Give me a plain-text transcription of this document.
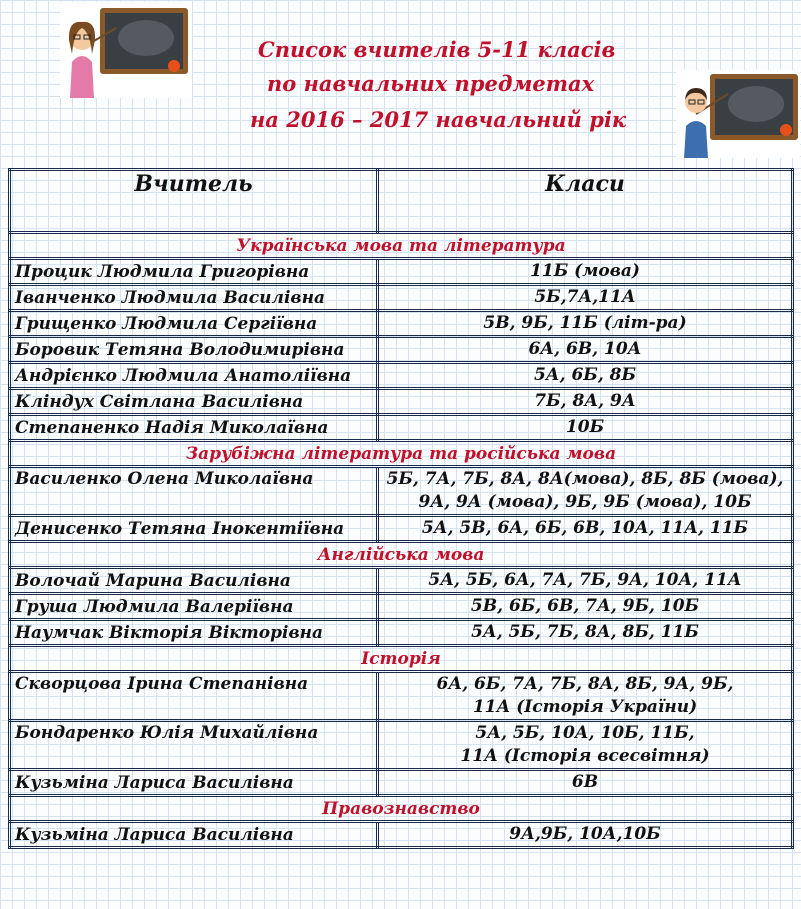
Список вчителів 5-11 класів
по навчальних предметах
на 2016 – 2017 навчальний рік
Вчитель	Класи
Українська мова та література	
Процик Людмила Григорівна	11Б (мова)

Іванченко Людмила Василівна	5Б,7А,11А

Грищенко Людмила Сергіївна	5В, 9Б, 11Б (літ-ра)

Боровик Тетяна Володимирівна	6А, 6В, 10А

Андрієнко Людмила Анатоліївна	5А, 6Б, 8Б

Кліндух Світлана Василівна	7Б, 8А, 9А

Степаненко Надія Миколаївна	10Б

Зарубіжна література та російська мова	
Василенко Олена Миколаївна	5Б, 7А, 7Б, 8А, 8А(мова), 8Б, 8Б (мова),
9А, 9А (мова), 9Б, 9Б (мова), 10Б

Денисенко Тетяна Інокентіївна	5А, 5В, 6А, 6Б, 6В, 10А, 11А, 11Б

Англійська мова	
Волочай Марина Василівна	5А, 5Б, 6А, 7А, 7Б, 9А, 10А, 11А

Груша Людмила Валеріївна	5В, 6Б, 6В, 7А, 9Б, 10Б

Наумчак Вікторія Вікторівна	5А, 5Б, 7Б, 8А, 8Б, 11Б

Історія	
Скворцова Ірина Степанівна	6А, 6Б, 7А, 7Б, 8А, 8Б, 9А, 9Б,
11А (Історія України)

Бондаренко Юлія Михайлівна	5А, 5Б, 10А, 10Б, 11Б,
11А (Історія всесвітня)

Кузьміна Лариса Василівна	6В

Правознавство	
Кузьміна Лариса Василівна	9А,9Б, 10А,10Б
